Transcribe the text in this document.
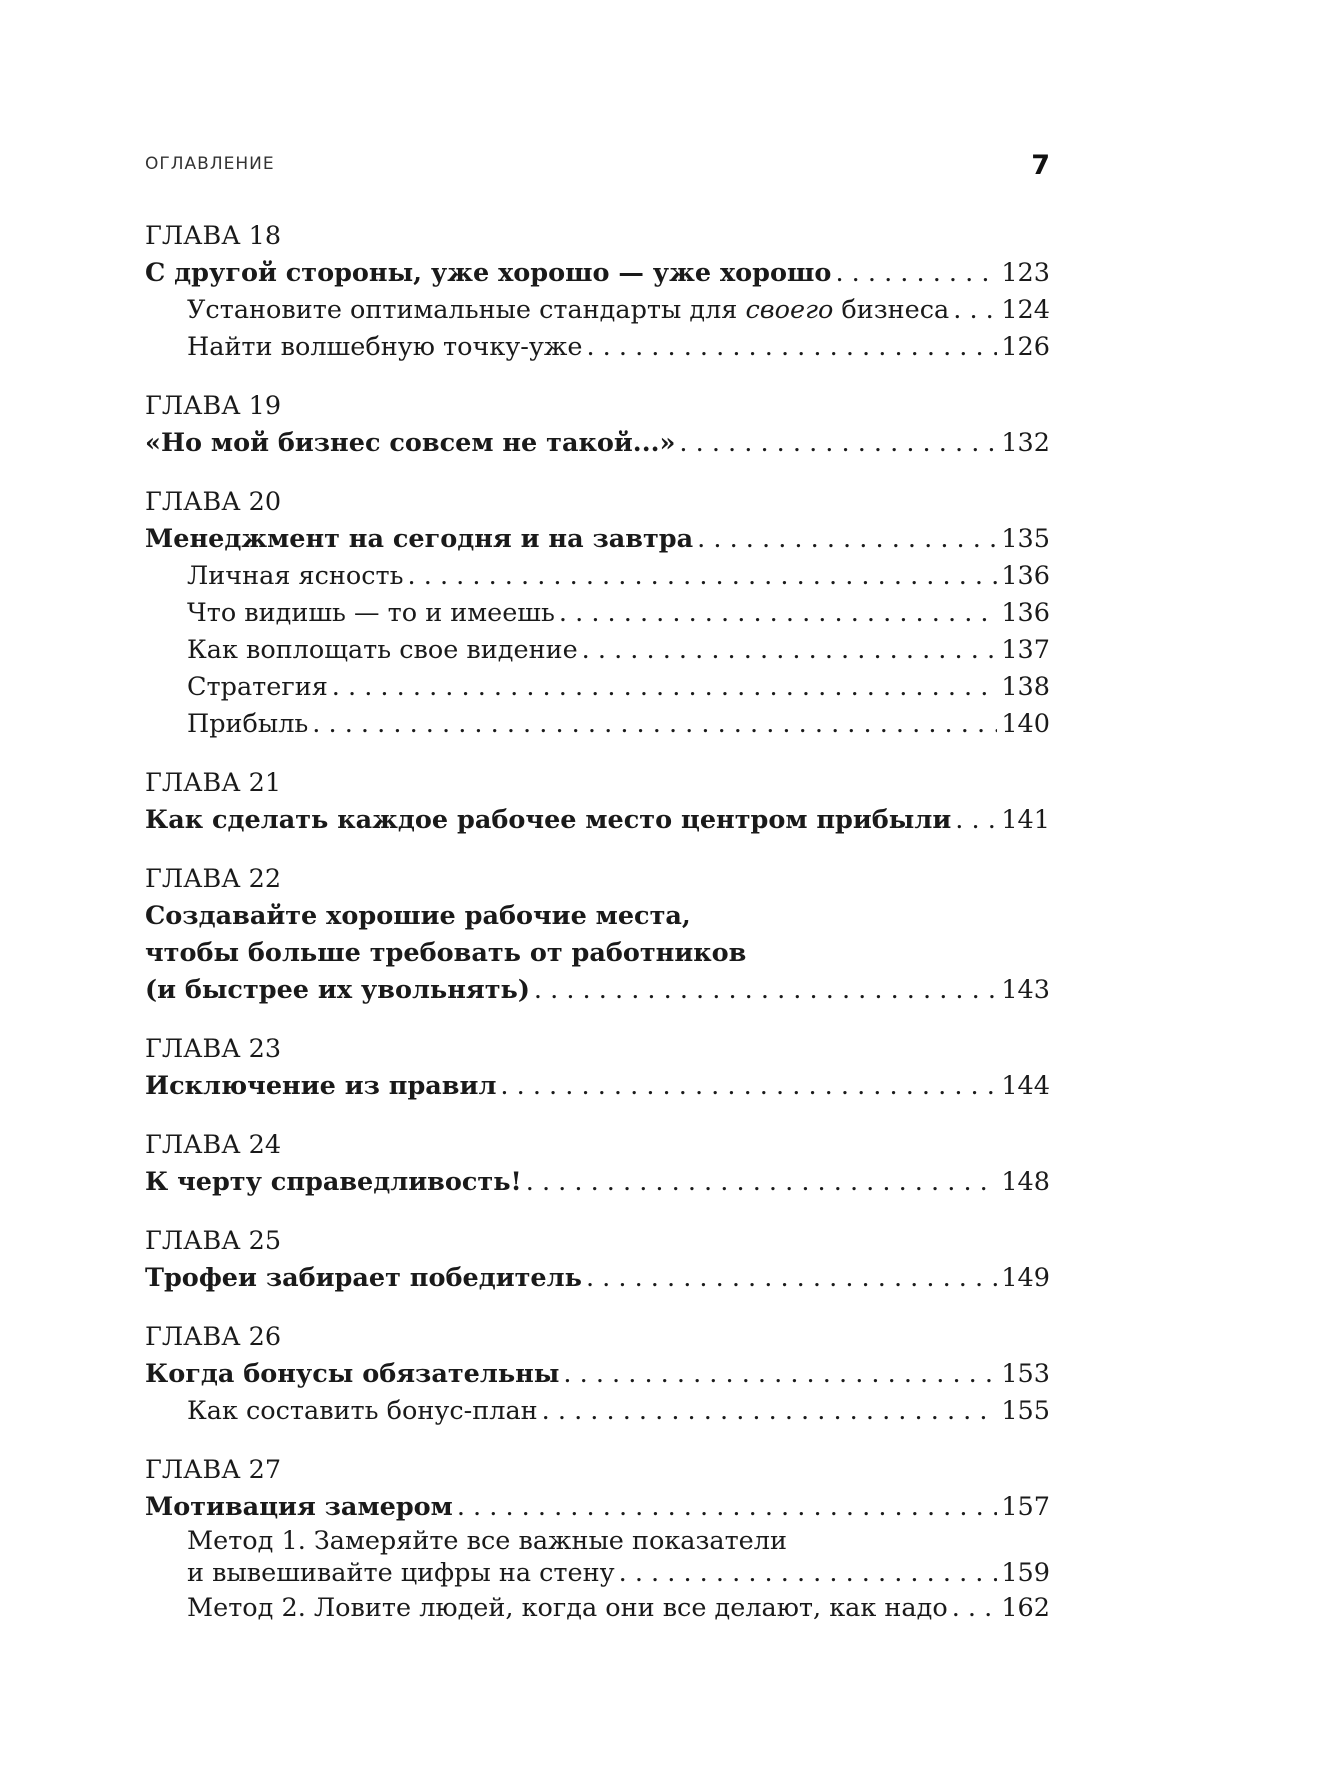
ОГЛАВЛЕНИЕ	7
ГЛАВА 18
С другой стороны, уже хорошо — уже хорошо . . .	123
Установите оптимальные стандарты для своего бизнеса . . . 124
Найти волшебную точку-уже . . .	126
ГЛАВА 19
«Но мой бизнес совсем не такой...» . . .	132
ГЛАВА 20
Менеджмент на сегодня и на завтра . . .	135
Личная ясность . . .	136
Что видишь — то и имеешь . . .	136
Как воплощать свое видение . . .	137
Стратегия . . .	138
Прибыль . . .	140
ГЛАВА 21
Как сделать каждое рабочее место центром прибыли . . . 141
ГЛАВА 22
Создавайте хорошие рабочие места,
чтобы больше требовать от работников
(и быстрее их увольнять) . . .	143
ГЛАВА 23
Исключение из правил . . .	144
ГЛАВА 24
К черту справедливость! . . .	148
ГЛАВА 25
Трофеи забирает победитель . . .	149
ГЛАВА 26
Когда бонусы обязательны . . .	153
Как составить бонус-план . . .	155
ГЛАВА 27
Мотивация замером . . .	157
Метод 1. Замеряйте все важные показатели
и вывешивайте цифры на стену . . .	159
Метод 2. Ловите людей, когда они все делают, как надо . . . 162
